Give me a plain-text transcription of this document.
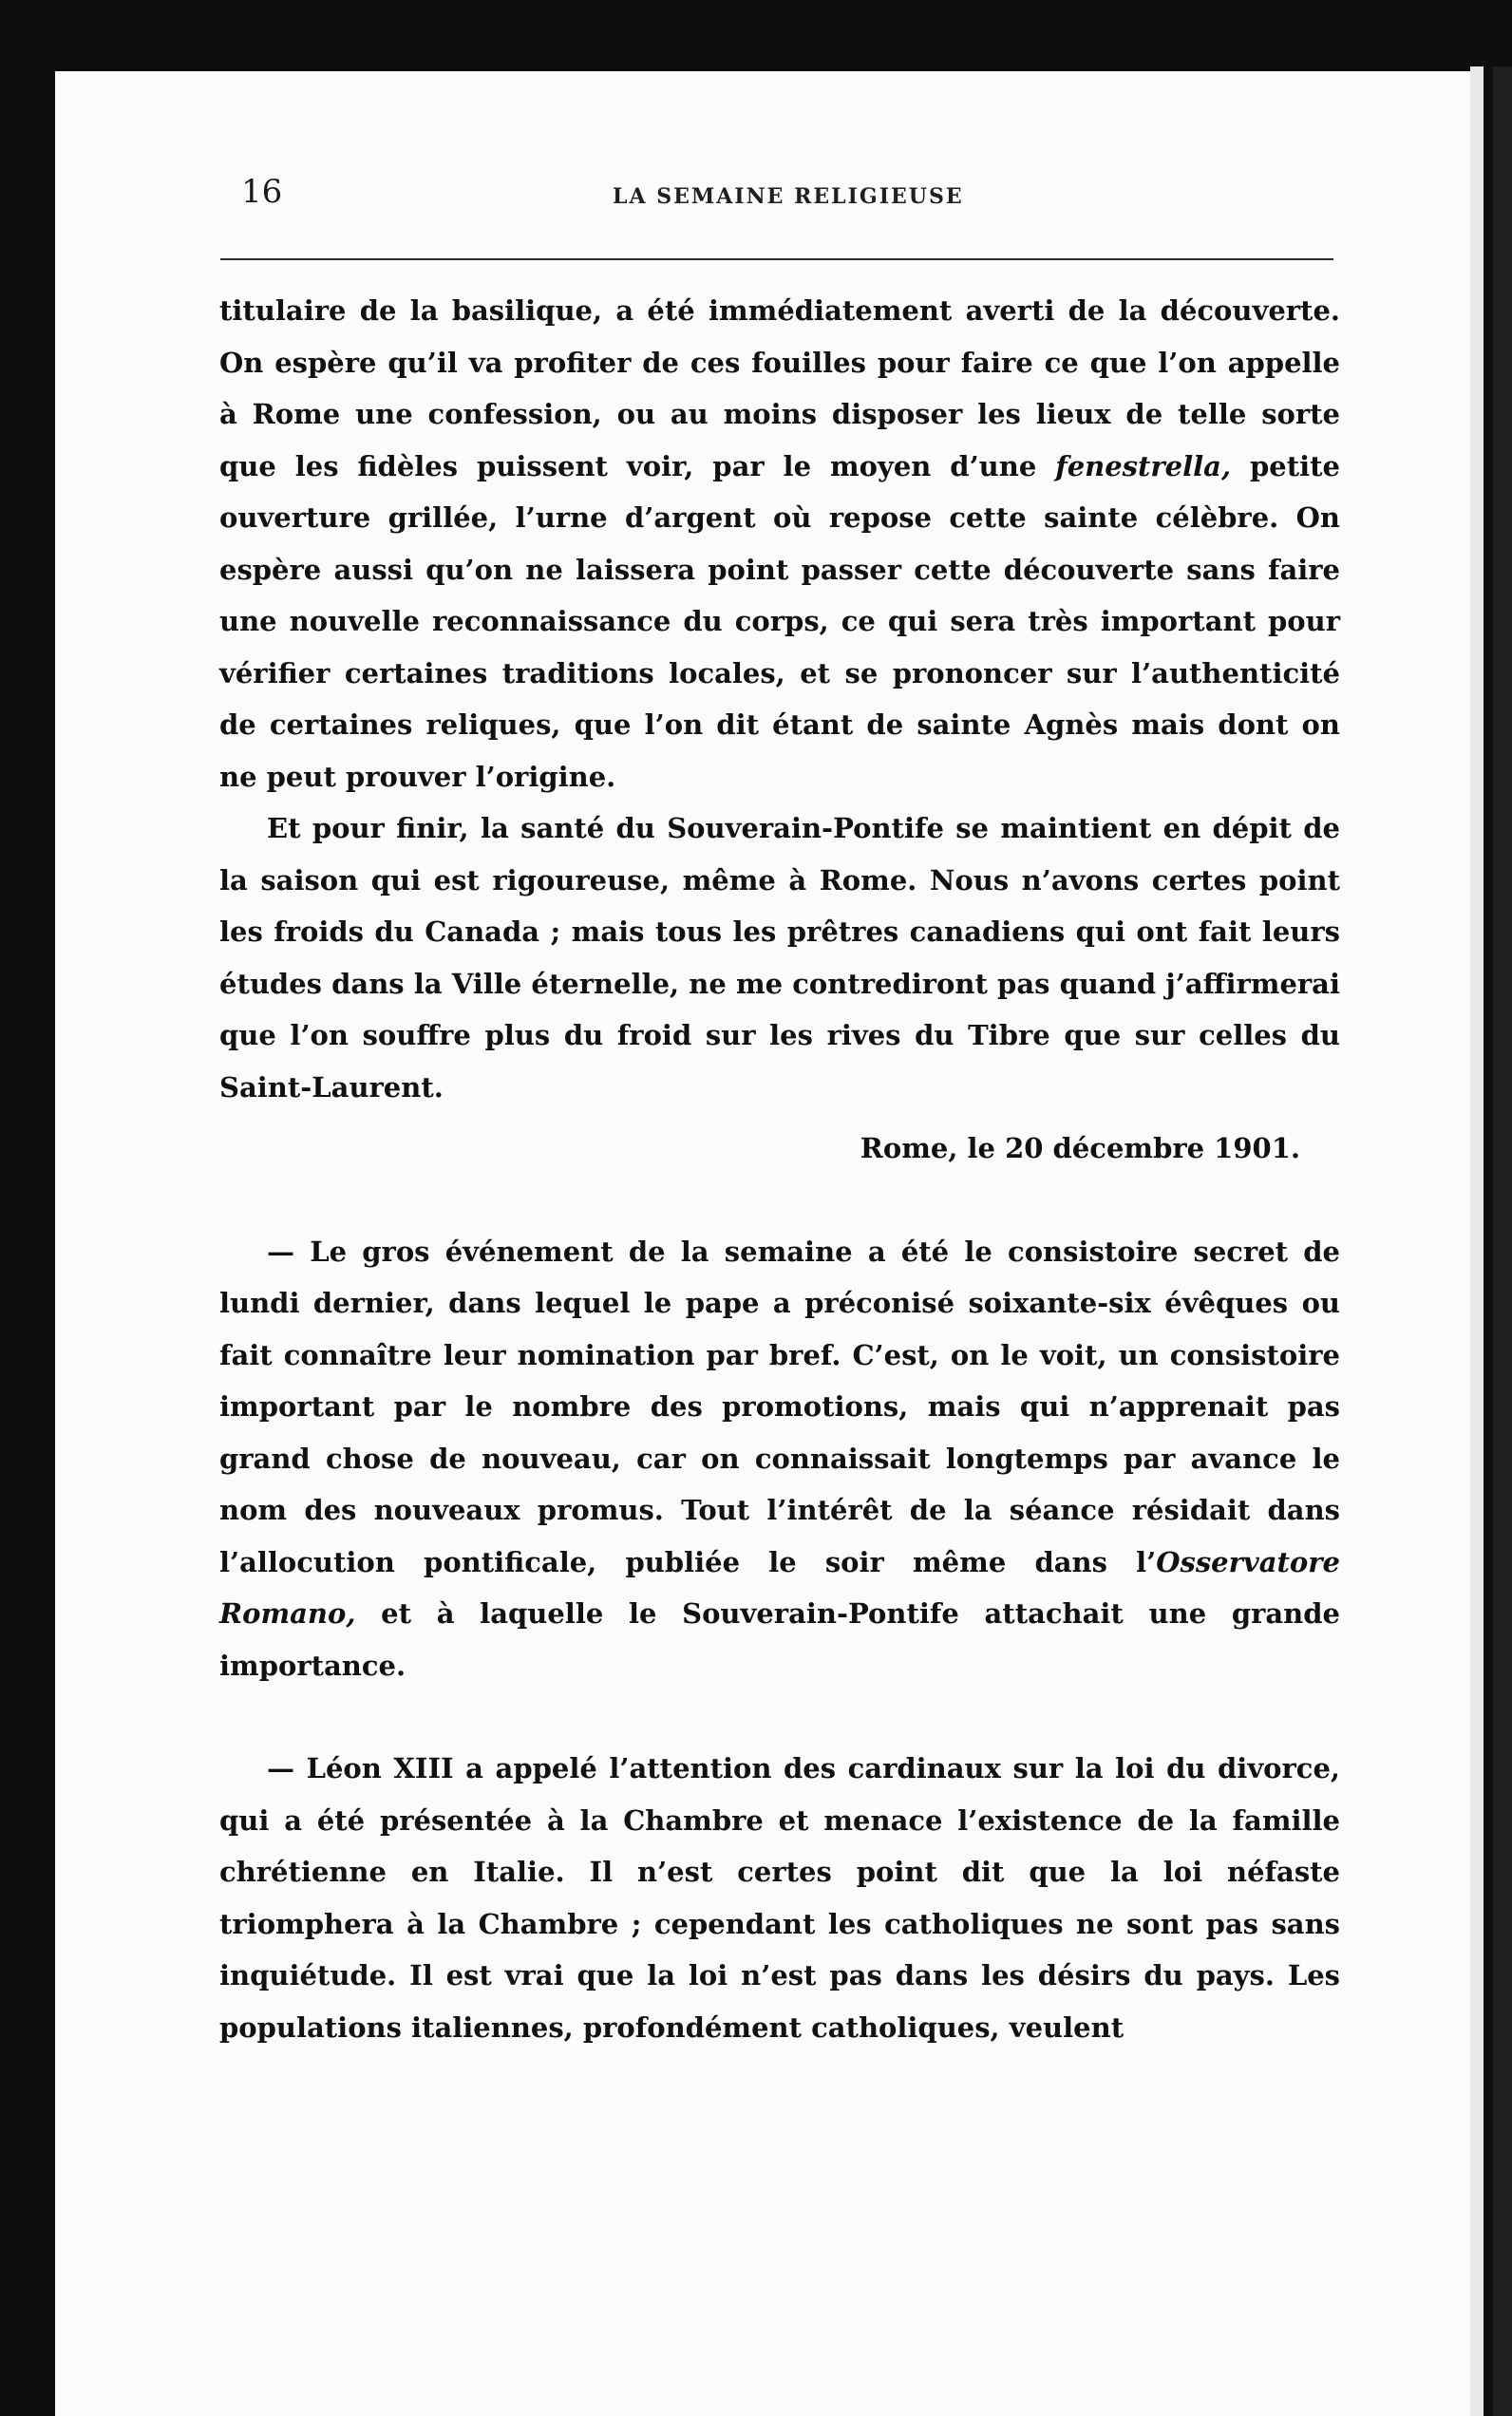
16	LA SEMAINE RELIGIEUSE

titulaire de la basilique, a été immédiatement averti de la découverte. On espère qu’il va profiter de ces fouilles pour faire ce que l’on appelle à Rome une confession, ou au moins disposer les lieux de telle sorte que les fidèles puissent voir, par le moyen d’une fenestrella, petite ouverture grillée, l’urne d’argent où repose cette sainte célèbre. On espère aussi qu’on ne laissera point passer cette découverte sans faire une nouvelle reconnaissance du corps, ce qui sera très important pour vérifier certaines traditions locales, et se prononcer sur l’authenticité de certaines reliques, que l’on dit étant de sainte Agnès mais dont on ne peut prouver l’origine.

Et pour finir, la santé du Souverain-Pontife se maintient en dépit de la saison qui est rigoureuse, même à Rome. Nous n’avons certes point les froids du Canada ; mais tous les prêtres canadiens qui ont fait leurs études dans la Ville éternelle, ne me contrediront pas quand j’affirmerai que l’on souffre plus du froid sur les rives du Tibre que sur celles du Saint-Laurent.

Rome, le 20 décembre 1901.

— Le gros événement de la semaine a été le consistoire secret de lundi dernier, dans lequel le pape a préconisé soixante-six évêques ou fait connaître leur nomination par bref. C’est, on le voit, un consistoire important par le nombre des promotions, mais qui n’apprenait pas grand chose de nouveau, car on connaissait longtemps par avance le nom des nouveaux promus. Tout l’intérêt de la séance résidait dans l’allocution pontificale, publiée le soir même dans l’Osservatore Romano, et à laquelle le Souverain-Pontife attachait une grande importance.

— Léon XIII a appelé l’attention des cardinaux sur la loi du divorce, qui a été présentée à la Chambre et menace l’existence de la famille chrétienne en Italie. Il n’est certes point dit que la loi néfaste triomphera à la Chambre ; cependant les catholiques ne sont pas sans inquiétude. Il est vrai que la loi n’est pas dans les désirs du pays. Les populations italiennes, profondément catholiques, veulent
